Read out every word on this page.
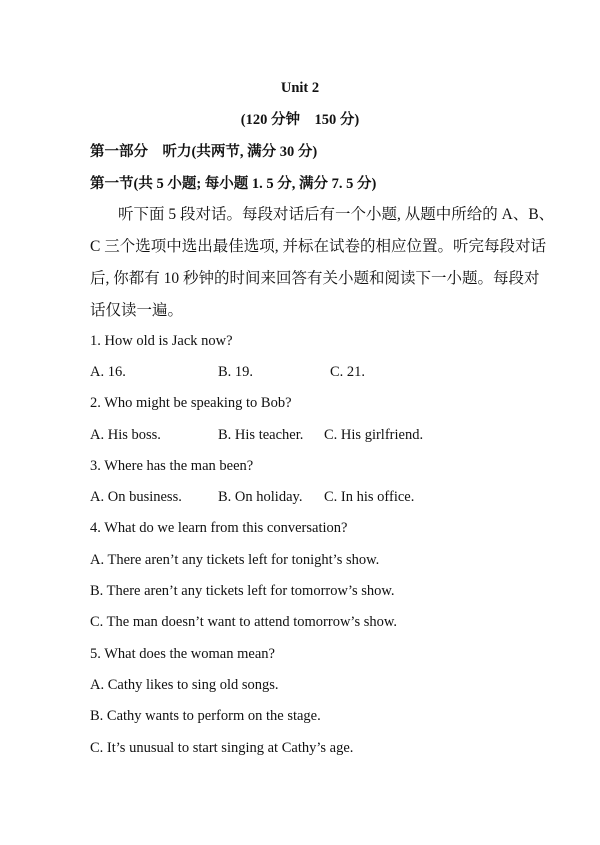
Unit 2
(120 分钟　150 分)
第一部分　听力(共两节, 满分 30 分)
第一节(共 5 小题; 每小题 1. 5 分, 满分 7. 5 分)
听下面 5 段对话。每段对话后有一个小题, 从题中所给的 A、B、
C 三个选项中选出最佳选项, 并标在试卷的相应位置。听完每段对话
后, 你都有 10 秒钟的时间来回答有关小题和阅读下一小题。每段对
话仅读一遍。
1. How old is Jack now?
A. 16.	B. 19.	C. 21.
2. Who might be speaking to Bob?
A. His boss.	B. His teacher. C. His girlfriend.
3. Where has the man been?
A. On business. B. On holiday. C. In his office.
4. What do we learn from this conversation?
A. There aren’t any tickets left for tonight’s show.
B. There aren’t any tickets left for tomorrow’s show.
C. The man doesn’t want to attend tomorrow’s show.
5. What does the woman mean?
A. Cathy likes to sing old songs.
B. Cathy wants to perform on the stage.
C. It’s unusual to start singing at Cathy’s age.
